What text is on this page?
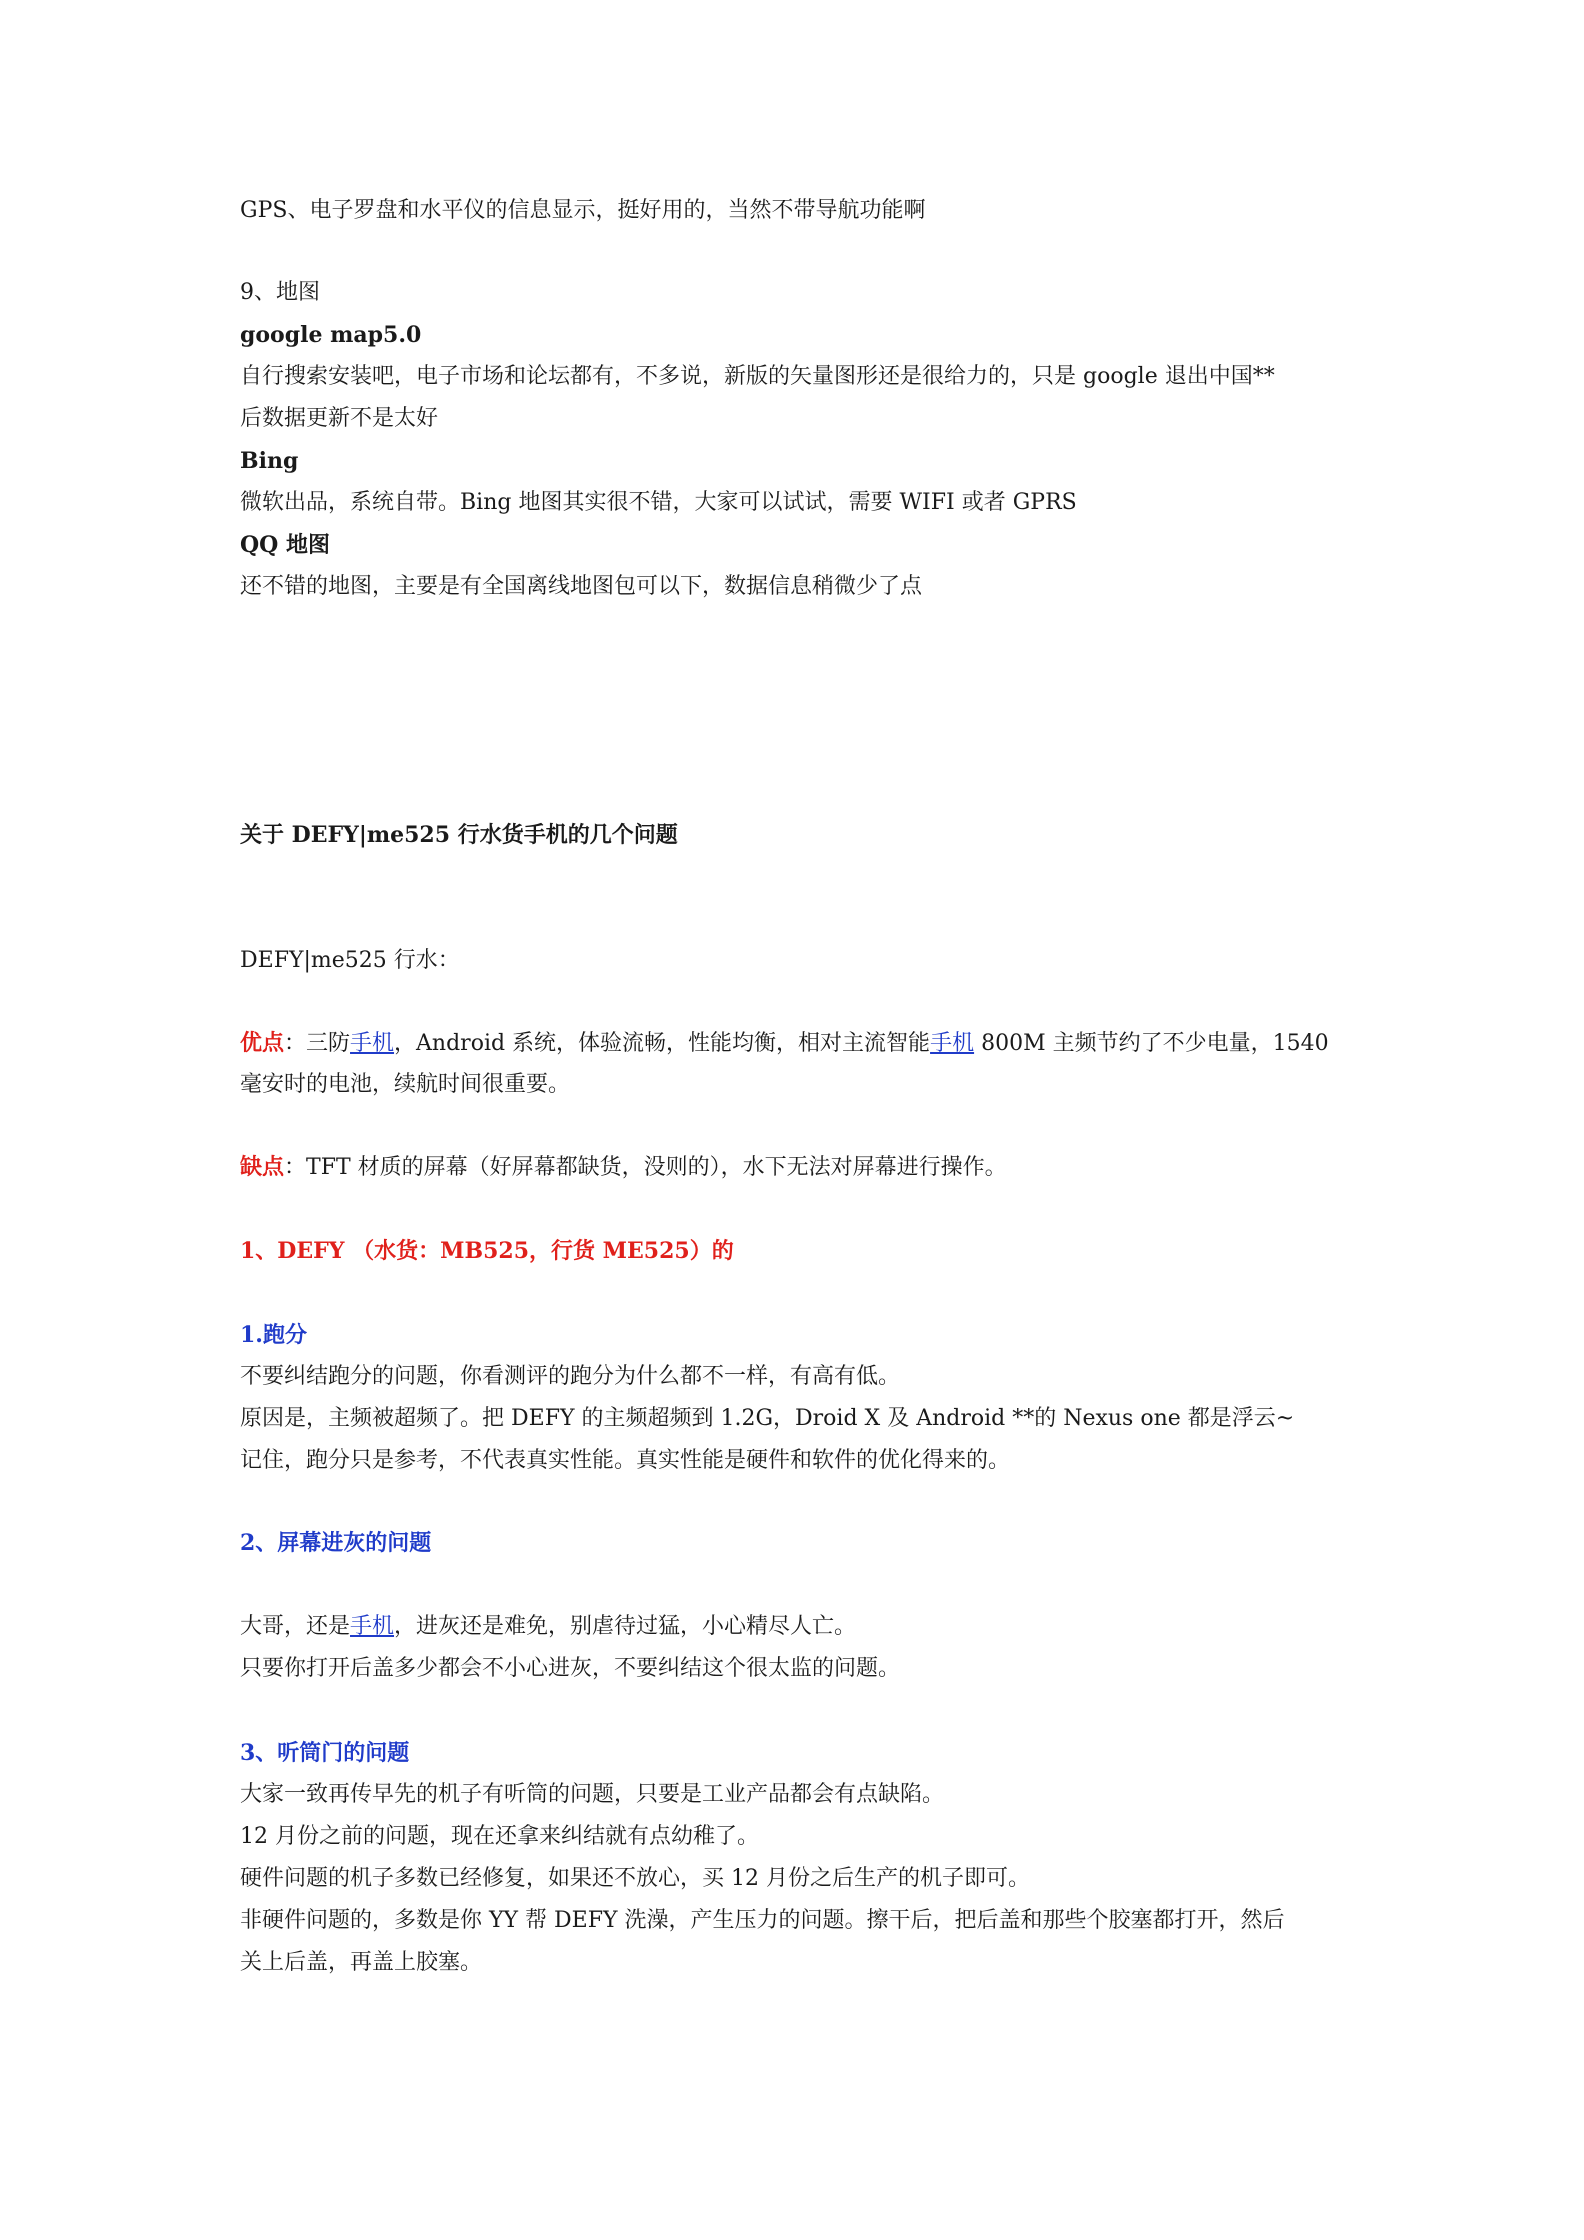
GPS、电子罗盘和水平仪的信息显示，挺好用的，当然不带导航功能啊
9、地图
google map5.0
自行搜索安装吧，电子市场和论坛都有，不多说，新版的矢量图形还是很给力的，只是 google 退出中国**
后数据更新不是太好
Bing
微软出品，系统自带。Bing 地图其实很不错，大家可以试试，需要 WIFI 或者 GPRS
QQ 地图
还不错的地图，主要是有全国离线地图包可以下，数据信息稍微少了点
关于 DEFY|me525 行水货手机的几个问题
DEFY|me525 行水：
优点：三防手机，Android 系统，体验流畅，性能均衡，相对主流智能手机 800M 主频节约了不少电量，1540
毫安时的电池，续航时间很重要。
缺点：TFT 材质的屏幕（好屏幕都缺货，没则的），水下无法对屏幕进行操作。
1、DEFY （水货：MB525，行货 ME525）的
1.跑分
不要纠结跑分的问题，你看测评的跑分为什么都不一样，有高有低。
原因是，主频被超频了。把 DEFY 的主频超频到 1.2G，Droid X 及 Android **的 Nexus one 都是浮云~
记住，跑分只是参考，不代表真实性能。真实性能是硬件和软件的优化得来的。
2、屏幕进灰的问题
大哥，还是手机，进灰还是难免，别虐待过猛，小心精尽人亡。
只要你打开后盖多少都会不小心进灰，不要纠结这个很太监的问题。
3、听筒门的问题
大家一致再传早先的机子有听筒的问题，只要是工业产品都会有点缺陷。
12 月份之前的问题，现在还拿来纠结就有点幼稚了。
硬件问题的机子多数已经修复，如果还不放心，买 12 月份之后生产的机子即可。
非硬件问题的，多数是你 YY 帮 DEFY 洗澡，产生压力的问题。擦干后，把后盖和那些个胶塞都打开，然后
关上后盖，再盖上胶塞。
